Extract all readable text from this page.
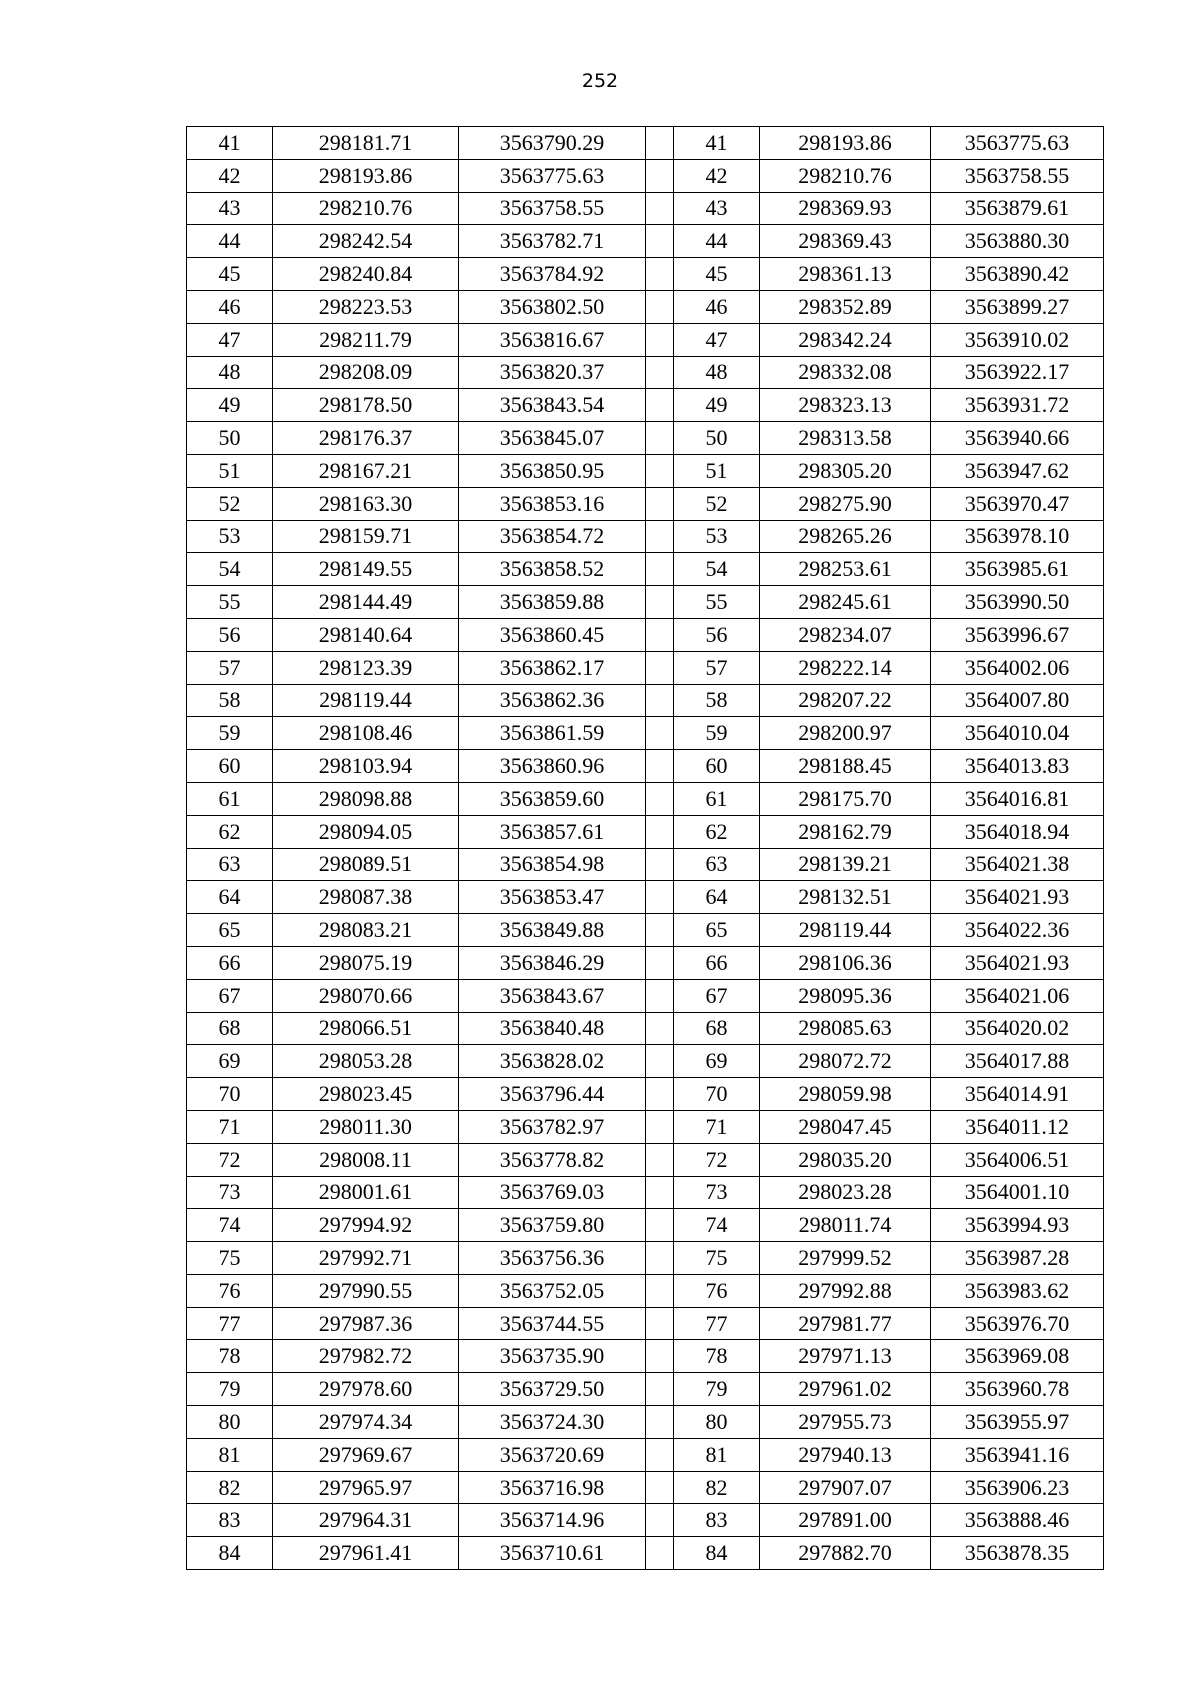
252
41	298181.71	3563790.29		41	298193.86	3563775.63
42	298193.86	3563775.63		42	298210.76	3563758.55
43	298210.76	3563758.55		43	298369.93	3563879.61
44	298242.54	3563782.71		44	298369.43	3563880.30
45	298240.84	3563784.92		45	298361.13	3563890.42
46	298223.53	3563802.50		46	298352.89	3563899.27
47	298211.79	3563816.67		47	298342.24	3563910.02
48	298208.09	3563820.37		48	298332.08	3563922.17
49	298178.50	3563843.54		49	298323.13	3563931.72
50	298176.37	3563845.07		50	298313.58	3563940.66
51	298167.21	3563850.95		51	298305.20	3563947.62
52	298163.30	3563853.16		52	298275.90	3563970.47
53	298159.71	3563854.72		53	298265.26	3563978.10
54	298149.55	3563858.52		54	298253.61	3563985.61
55	298144.49	3563859.88		55	298245.61	3563990.50
56	298140.64	3563860.45		56	298234.07	3563996.67
57	298123.39	3563862.17		57	298222.14	3564002.06
58	298119.44	3563862.36		58	298207.22	3564007.80
59	298108.46	3563861.59		59	298200.97	3564010.04
60	298103.94	3563860.96		60	298188.45	3564013.83
61	298098.88	3563859.60		61	298175.70	3564016.81
62	298094.05	3563857.61		62	298162.79	3564018.94
63	298089.51	3563854.98		63	298139.21	3564021.38
64	298087.38	3563853.47		64	298132.51	3564021.93
65	298083.21	3563849.88		65	298119.44	3564022.36
66	298075.19	3563846.29		66	298106.36	3564021.93
67	298070.66	3563843.67		67	298095.36	3564021.06
68	298066.51	3563840.48		68	298085.63	3564020.02
69	298053.28	3563828.02		69	298072.72	3564017.88
70	298023.45	3563796.44		70	298059.98	3564014.91
71	298011.30	3563782.97		71	298047.45	3564011.12
72	298008.11	3563778.82		72	298035.20	3564006.51
73	298001.61	3563769.03		73	298023.28	3564001.10
74	297994.92	3563759.80		74	298011.74	3563994.93
75	297992.71	3563756.36		75	297999.52	3563987.28
76	297990.55	3563752.05		76	297992.88	3563983.62
77	297987.36	3563744.55		77	297981.77	3563976.70
78	297982.72	3563735.90		78	297971.13	3563969.08
79	297978.60	3563729.50		79	297961.02	3563960.78
80	297974.34	3563724.30		80	297955.73	3563955.97
81	297969.67	3563720.69		81	297940.13	3563941.16
82	297965.97	3563716.98		82	297907.07	3563906.23
83	297964.31	3563714.96		83	297891.00	3563888.46
84	297961.41	3563710.61		84	297882.70	3563878.35
